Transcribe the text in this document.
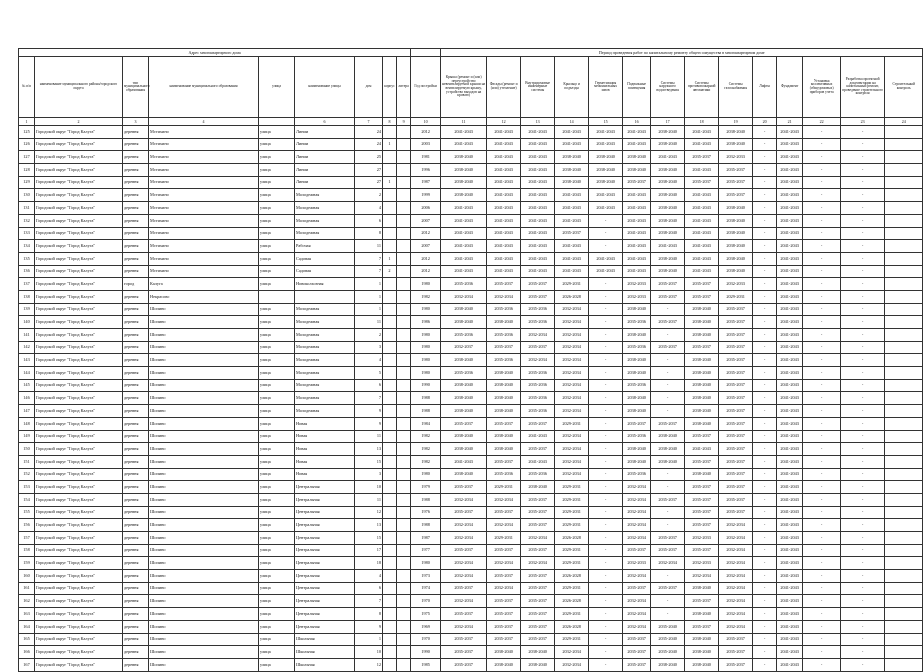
Адрес многоквартирного дома										Период проведения работ по капитальному ремонту общего имущества в многоквартирном доме													
№ п/п	наименование муниципального района/городского округа	тип муниципального образования	наименование муниципального образования	улица	наименование улицы	дом	корпус	литера	Год постройки	Крыша (ремонт и (или) переустройство невентилируемой крыши на вентилируемую крышу, устройство выходов на кровлю)	Фасады (ремонт и (или) утепление)	Внутридомовые инженерные системы	Крыльцо и подъезды	Герметизация межпанельных швов	Подвальные помещения	Системы наружного водоотведения	Системы противопожарной автоматики	Системы газоснабжения	Лифты	Фундамент	Установка коллективных (общедомовых) приборов учета	Разработка проектной документации на капитальный ремонт, проведение строительного контроля	Строительный контроль
1	2	3	4		6	7	8	9	10	11	12	13	14	15	16	17	18	19	20	21	22	23	24
125	Городской округ "Город Калуга"	деревня	Мстихино	улица	Линии	24			2012	2041-2043	2041-2043	2041-2043	2041-2043	2041-2043	2041-2043	2038-2040	2041-2043	2038-2040	-	2041-2043	-	-	
126	Городской округ "Город Калуга"	деревня	Мстихино	улица	Линии	24	1		2003	2041-2043	2041-2043	2041-2043	2041-2043	2041-2043	2041-2043	2038-2040	2041-2043	2038-2040	-	2041-2043	-	-	
127	Городской округ "Город Калуга"	деревня	Мстихино	улица	Линии	25			1981	2038-2040	2041-2043	2041-2043	2038-2040	2038-2040	2038-2040	2041-2043	2035-2037	2032-2033	-	2041-2043	-	-	
128	Городской округ "Город Калуга"	деревня	Мстихино	улица	Линии	27			1996	2038-2040	2041-2043	2041-2043	2038-2040	2038-2040	2038-2040	2038-2040	2041-2043	2035-2037	-	2041-2043	-	-	
129	Городской округ "Город Калуга"	деревня	Мстихино	улица	Линии	27	1		1987	2038-2040	2041-2043	2041-2043	2038-2040	2038-2040	2035-2037	2038-2040	2035-2037	2035-2037	-	2041-2043	-	-	
130	Городской округ "Город Калуга"	деревня	Мстихино	улица	Молодежная	2			1999	2038-2040	2041-2043	2041-2043	2041-2043	2041-2043	2041-2043	2038-2040	2041-2043	2035-2037	-	2041-2043	-	-	
131	Городской округ "Город Калуга"	деревня	Мстихино	улица	Молодежная	4			2006	2041-2043	2041-2043	2041-2043	2041-2043	2041-2043	2041-2043	2038-2040	2041-2043	2038-2040	-	2041-2043	-	-	
132	Городской округ "Город Калуга"	деревня	Мстихино	улица	Молодежная	6			2007	2041-2043	2041-2043	2041-2043	2041-2043	-	2041-2043	2038-2040	2041-2043	2038-2040	-	2041-2043	-	-	
133	Городской округ "Город Калуга"	деревня	Мстихино	улица	Молодежная	8			2012	2041-2043	2041-2043	2041-2043	2035-2037	-	2041-2043	2038-2040	2041-2043	2038-2040	-	2041-2043	-	-	
134	Городской округ "Город Калуга"	деревня	Мстихино	улица	Рабочая	11			2007	2041-2043	2041-2043	2041-2043	2041-2043	-	2041-2043	2041-2043	2041-2043	2038-2040	-	2041-2043	-	-	
135	Городской округ "Город Калуга"	деревня	Мстихино	улица	Садовая	7	1		2012	2041-2043	2041-2043	2041-2043	2041-2043	2041-2043	2041-2043	2038-2040	2041-2043	2038-2040	-	2041-2043	-	-	
136	Городской округ "Город Калуга"	деревня	Мстихино	улица	Садовая	7	2		2012	2041-2043	2041-2043	2041-2043	2041-2043	2041-2043	2041-2043	2038-2040	2041-2043	2038-2040	-	2041-2043	-	-	
137	Городской округ "Город Калуга"	город	Калуга	улица	Новоколхозная	1			1980	2035-2036	2035-2037	2035-2037	2029-2031	-	2032-2033	2035-2037	2035-2037	2032-2033	-	2041-2043	-	-	
138	Городской округ "Город Калуга"	деревня	Некрасово			1			1982	2032-2034	2032-2034	2035-2037	2026-2028	-	2032-2033	2035-2037	2035-2037	2029-2031	-	2041-2043	-	-	
139	Городской округ "Город Калуга"	деревня	Шопино	улица	Молодежная	1			1980	2038-2040	2035-2036	2035-2036	2032-2034	-	2038-2040	-	2038-2040	2035-2037	-	2041-2043	-	-	
140	Городской округ "Город Калуга"	деревня	Шопино	улица	Молодежная	11			1986	2038-2040	2038-2040	2035-2036	2032-2034	-	2035-2036	2035-2037	2038-2040	2035-2037	-	2041-2043	-	-	
141	Городской округ "Город Калуга"	деревня	Шопино	улица	Молодежная	2			1980	2035-2036	2035-2036	2032-2034	2032-2034	-	2038-2040	-	2038-2040	2035-2037	-	2041-2043	-	-	
142	Городской округ "Город Калуга"	деревня	Шопино	улица	Молодежная	3			1980	2032-2037	2035-2037	2035-2037	2032-2034	-	2035-2036	2035-2037	2035-2037	2035-2037	-	2041-2043	-	-	
143	Городской округ "Город Калуга"	деревня	Шопино	улица	Молодежная	4			1980	2038-2040	2035-2036	2032-2034	2032-2034	-	2038-2040	-	2038-2040	2035-2037	-	2041-2043	-	-	
144	Городской округ "Город Калуга"	деревня	Шопино	улица	Молодежная	5			1980	2035-2036	2038-2040	2035-2036	2032-2034	-	2038-2040	-	2038-2040	2035-2037	-	2041-2043	-	-	
145	Городской округ "Город Калуга"	деревня	Шопино	улица	Молодежная	6			1990	2038-2040	2038-2040	2035-2036	2032-2034	-	2035-2036	-	2038-2040	2035-2037	-	2041-2043	-	-	
146	Городской округ "Город Калуга"	деревня	Шопино	улица	Молодежная	7			1988	2038-2040	2038-2040	2035-2036	2032-2034	-	2038-2040	-	2038-2040	2035-2037	-	2041-2043	-	-	
147	Городской округ "Город Калуга"	деревня	Шопино	улица	Молодежная	9			1988	2038-2040	2038-2040	2035-2036	2032-2034	-	2038-2040	-	2038-2040	2035-2037	-	2041-2043	-	-	
148	Городской округ "Город Калуга"	деревня	Шопино	улица	Новая	9			1984	2035-2037	2035-2037	2035-2037	2029-2031	-	2035-2037	2035-2037	2038-2040	2035-2037	-	2041-2043	-	-	
149	Городской округ "Город Калуга"	деревня	Шопино	улица	Новая	11			1982	2038-2040	2038-2040	2041-2043	2032-2034	-	2035-2036	2038-2040	2035-2037	2035-2037	-	2041-2043	-	-	
150	Городской округ "Город Калуга"	деревня	Шопино	улица	Новая	13			1982	2038-2040	2038-2040	2035-2037	2032-2034	-	2038-2040	2038-2040	2041-2043	2035-2037	-	2041-2043	-	-	
151	Городской округ "Город Калуга"	деревня	Шопино	улица	Новая	15			1982	2041-2043	2035-2037	2041-2043	2032-2034	-	2038-2040	2038-2040	2035-2037	2035-2037	-	2041-2043	-	-	
152	Городской округ "Город Калуга"	деревня	Шопино	улица	Новая	3			1980	2038-2040	2035-2036	2035-2036	2032-2034	-	2035-2036	-	2038-2040	2035-2037	-	2041-2043	-	-	
153	Городской округ "Город Калуга"	деревня	Шопино	улица	Центральная	10			1979	2035-2037	2029-2031	2038-2040	2029-2031	-	2032-2034	-	2035-2037	2035-2037	-	2041-2043	-	-	
154	Городской округ "Город Калуга"	деревня	Шопино	улица	Центральная	11			1988	2032-2034	2032-2034	2035-2037	2029-2031	-	2032-2034	2035-2037	2035-2037	2035-2037	-	2041-2043	-	-	
155	Городской округ "Город Калуга"	деревня	Шопино	улица	Центральная	12			1976	2035-2037	2035-2037	2035-2037	2029-2031	-	2032-2034	-	2035-2037	2035-2037	-	2041-2043	-	-	
156	Городской округ "Город Калуга"	деревня	Шопино	улица	Центральная	13			1988	2032-2034	2032-2034	2035-2037	2029-2031	-	2032-2034	-	2035-2037	2032-2034	-	2041-2043	-	-	
157	Городской округ "Город Калуга"	деревня	Шопино	улица	Центральная	15			1987	2032-2034	2029-2031	2032-2034	2026-2028	-	2032-2034	2035-2037	2032-2033	2032-2034	-	2041-2043	-	-	
158	Городской округ "Город Калуга"	деревня	Шопино	улица	Центральная	17			1977	2035-2037	2035-2037	2035-2037	2029-2031	-	2035-2037	2035-2037	2035-2037	2032-2034	-	2041-2043	-	-	
159	Городской округ "Город Калуга"	деревня	Шопино	улица	Центральная	18			1980	2032-2034	2032-2034	2032-2034	2029-2031	-	2032-2033	2032-2034	2032-2033	2032-2034	-	2041-2043	-	-	
160	Городской округ "Город Калуга"	деревня	Шопино	улица	Центральная	4			1973	2032-2034	2035-2037	2035-2037	2026-2028	-	2032-2034	-	2032-2034	2032-2034	-	2041-2043	-	-	
161	Городской округ "Город Калуга"	деревня	Шопино	улица	Центральная	6			1974	2035-2037	2032-2034	2035-2037	2029-2031	-	2035-2037	2035-2037	2038-2040	2032-2034	-	2041-2043	-	-	
162	Городской округ "Город Калуга"	деревня	Шопино	улица	Центральная	7			1970	2032-2034	2035-2037	2035-2037	2026-2028	-	2032-2034	-	2035-2037	2032-2034	-	2041-2043	-	-	
163	Городской округ "Город Калуга"	деревня	Шопино	улица	Центральная	8			1975	2035-2037	2035-2037	2035-2037	2029-2031	-	2032-2034	-	2038-2040	2032-2034	-	2041-2043	-	-	
164	Городской округ "Город Калуга"	деревня	Шопино	улица	Центральная	9			1969	2032-2034	2035-2037	2035-2037	2026-2028	-	2032-2034	2035-2040	2035-2037	2032-2034	-	2041-2043	-	-	
165	Городской округ "Город Калуга"	деревня	Шопино	улица	Школьная	1			1970	2035-2037	2035-2037	2035-2037	2029-2031	-	2035-2037	2035-2040	2038-2040	2035-2037	-	2041-2043	-	-	
166	Городской округ "Город Калуга"	деревня	Шопино	улица	Школьная	10			1990	2035-2037	2038-2040	2038-2040	2032-2034	-	2035-2037	2035-2040	2038-2040	2035-2037	-	2041-2043	-	-	
167	Городской округ "Город Калуга"	деревня	Шопино	улица	Школьная	12			1985	2035-2037	2038-2040	2038-2040	2032-2034	-	2035-2037	2038-2040	2038-2040	2035-2037	-	2041-2043	-	-	
